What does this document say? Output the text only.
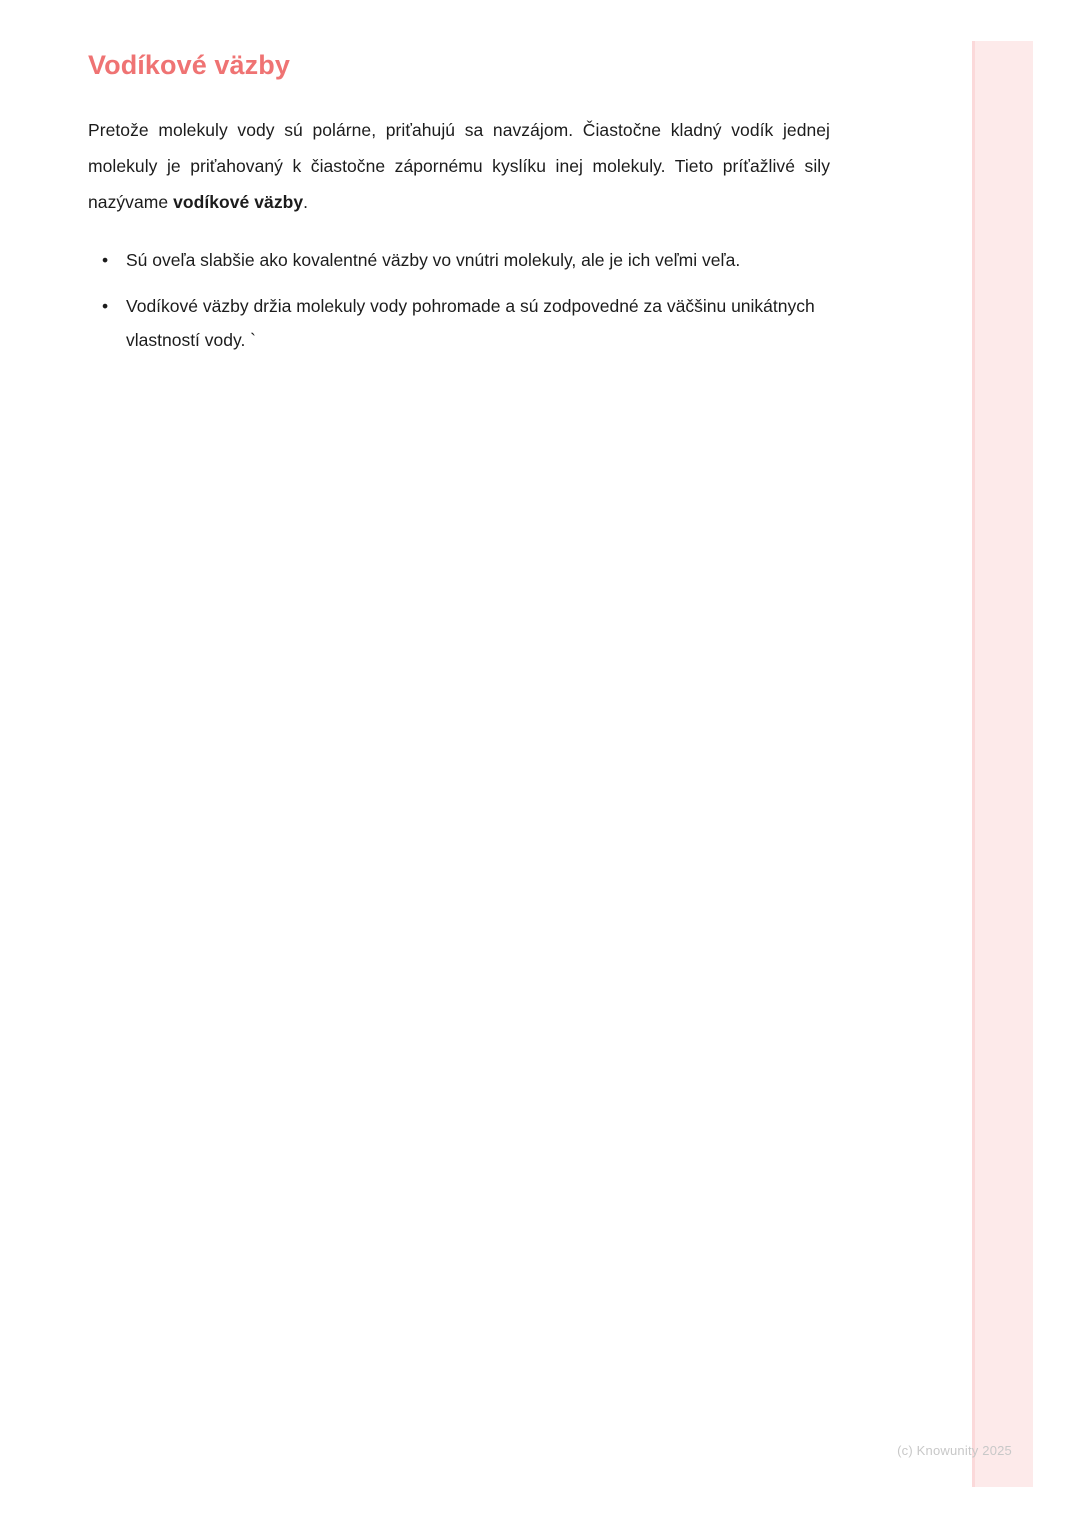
Vodíkové väzby

Pretože molekuly vody sú polárne, priťahujú sa navzájom. Čiastočne kladný vodík jednej molekuly je priťahovaný k čiastočne zápornému kyslíku inej molekuly. Tieto príťažlivé sily nazývame vodíkové väzby.

• Sú oveľa slabšie ako kovalentné väzby vo vnútri molekuly, ale je ich veľmi veľa.
• Vodíkové väzby držia molekuly vody pohromade a sú zodpovedné za väčšinu unikátnych vlastností vody. `
(c) Knowunity 2025
